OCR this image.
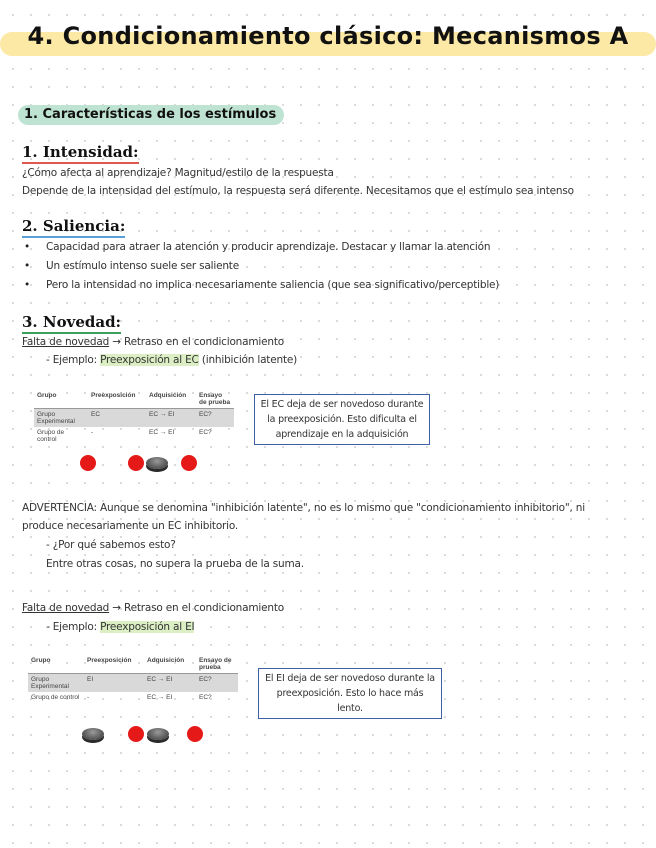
4. Condicionamiento clásico: Mecanismos A
1. Características de los estímulos
1. Intensidad:
¿Cómo afecta al aprendizaje? Magnitud/estilo de la respuesta
Depende de la intensidad del estímulo, la respuesta será diferente. Necesitamos que el estímulo sea intenso
2. Saliencia:
• Capacidad para atraer la atención y producir aprendizaje. Destacar y llamar la atención
• Un estímulo intenso suele ser saliente
• Pero la intensidad no implica necesariamente saliencia (que sea significativo/perceptible)
3. Novedad:
Falta de novedad → Retraso en el condicionamiento
- Ejemplo: Preexposición al EC (inhibición latente)
Grupo	Preexposición	Adquisición	Ensayo de prueba
Grupo Experimental	EC	EC → EI	EC?
Grupo de control	-	EC → EI	EC?
El EC deja de ser novedoso durante la preexposición. Esto dificulta el aprendizaje en la adquisición
ADVERTENCIA: Aunque se denomina "inhibición latente", no es lo mismo que "condicionamiento inhibitorio", ni
produce necesariamente un EC inhibitorio.
- ¿Por qué sabemos esto?
Entre otras cosas, no supera la prueba de la suma.
Falta de novedad → Retraso en el condicionamiento
- Ejemplo: Preexposición al EI
Grupo	Preexposición	Adquisición	Ensayo de prueba
Grupo Experimental	EI	EC → EI	EC?
Grupo de control	-	EC → EI	EC?
El EI deja de ser novedoso durante la preexposición. Esto lo hace más lento.
